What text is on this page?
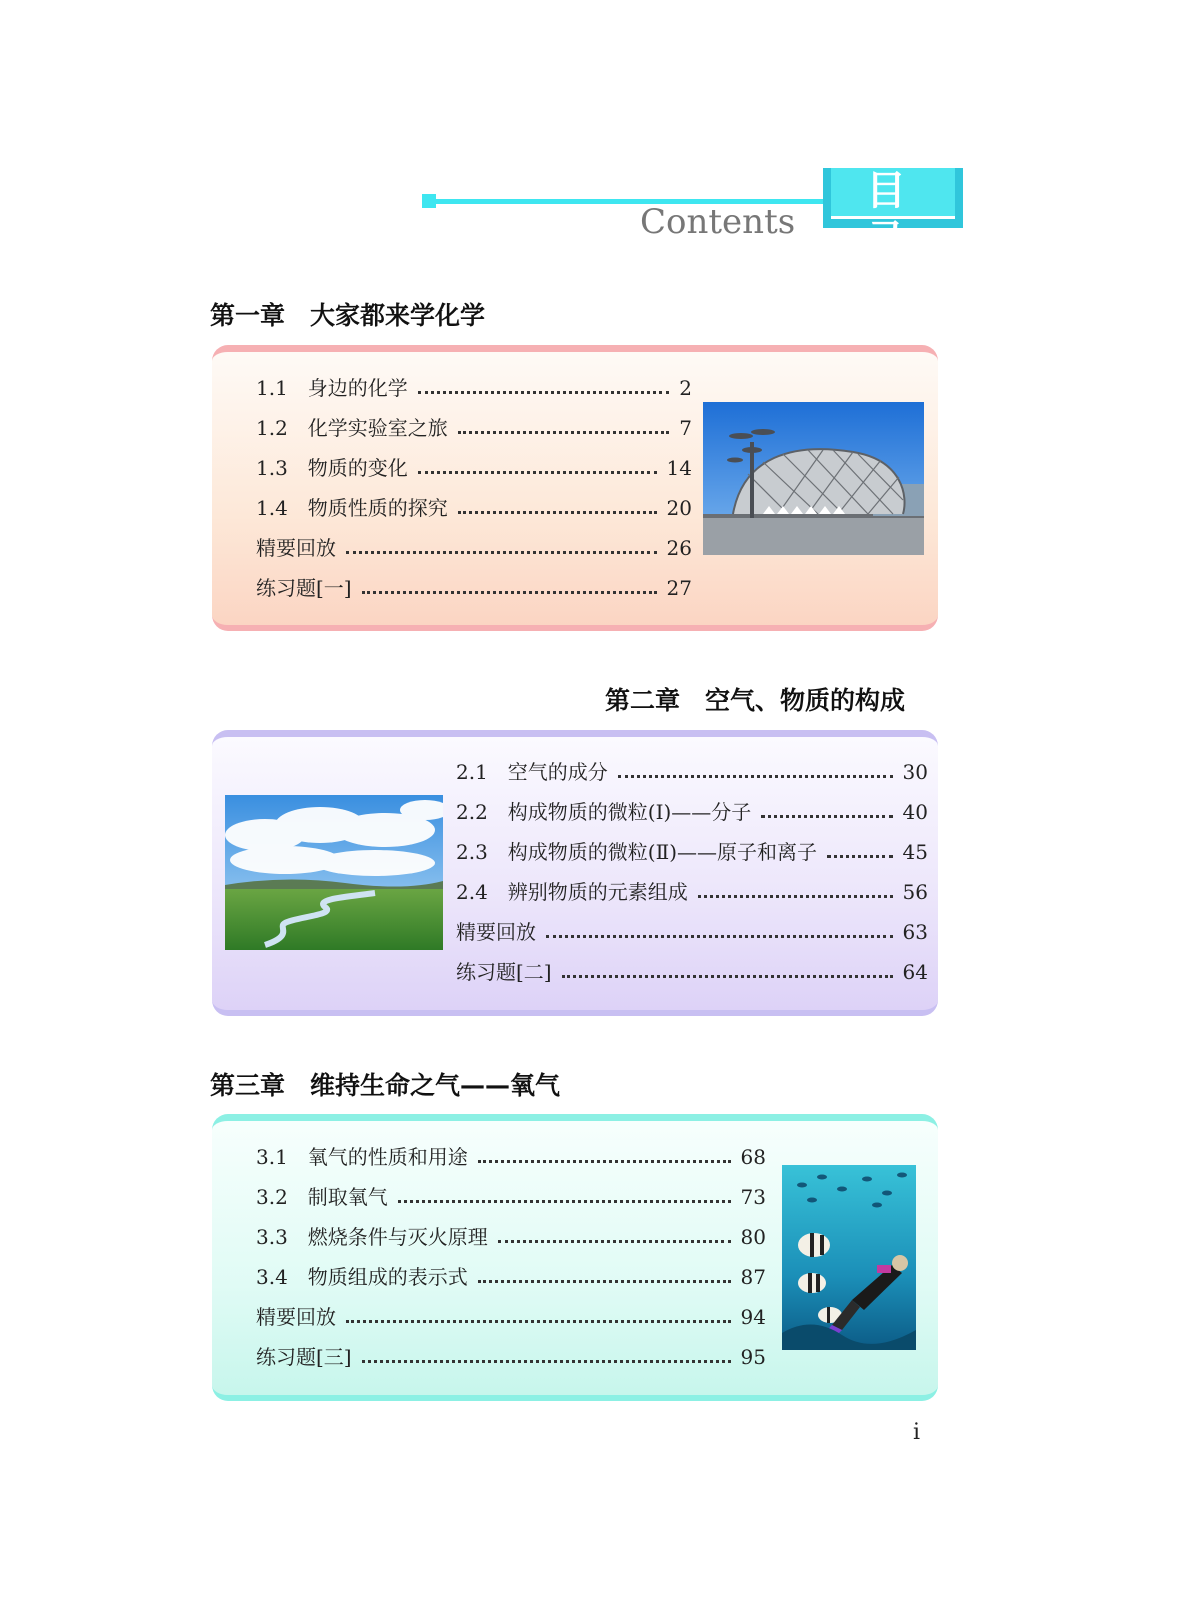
目 录
Contents
第一章　大家都来学化学
1.1　身边的化学	2
1.2　化学实验室之旅	7
1.3　物质的变化	14
1.4　物质性质的探究	20
精要回放	26
练习题[一]	27
第二章　空气、物质的构成
2.1　空气的成分	30
2.2　构成物质的微粒(Ⅰ)——分子	40
2.3　构成物质的微粒(Ⅱ)——原子和离子	45
2.4　辨别物质的元素组成	56
精要回放	63
练习题[二]	64
第三章　维持生命之气——氧气
3.1　氧气的性质和用途	68
3.2　制取氧气	73
3.3　燃烧条件与灭火原理	80
3.4　物质组成的表示式	87
精要回放	94
练习题[三]	95
i
